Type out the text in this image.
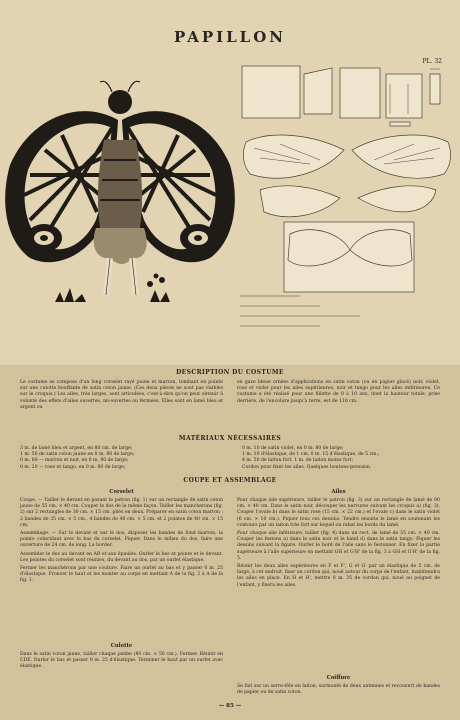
PAPILLON
PL. 32
DESCRIPTION DU COSTUME
Le costume se compose d'un long corselet rayé jaune et marron, tombant en pointe sur une culotte bouffante de satin coton jaune. (Ces deux pièces ne sont pas visibles sur le croquis.) Les ailes, très larges, sont articulées, c'est-à-dire qu'on peut obtenir à volonté des effets d'ailes ouvertes, mi-ouvertes ou fermées. Elles sont en lamé bleu et argent ou
en gaze bleue ornées d'applications en satin coton (ou en papier glacé) noir, violet, rose et violet pour les ailes supérieures, noir et tango pour les ailes inférieures. Ce costume a été réalisé pour une fillette de 8 à 10 ans, dont la hauteur totale, prise derrière, de l'encolure jusqu'à terre, est de 110 cm.
MATÉRIAUX NÉCESSAIRES
3 m. de lamé bleu et argent, en 80 cm. de large;
1 m. 50 de satin coton jaune en 0 m. 80 de large;
0 m. 60 — marron et noir, en 0 m. 80 de large;
0 m. 20 — rose et tango, en 0 m. 80 de large;
0 m. 10 de satin violet, en 0 m. 80 de large;
1 m. 10 d'élastique, de 1 cm. 0 m. 15 d'élastique, de 5 cm.;
4 m. 50 de laiton fort. 1 m. de laiton moins fort;
Cordon pour fixer les ailes. Quelques boutons-pression.
COUPE ET ASSEMBLAGE
Corselet

Coupe. — Tailler le devant en posant le patron (fig. 1) sur un rectangle de satin coton jaune de 55 cm. × 40 cm. Couper le dos de la même façon. Tailler les mancherons (fig. 2) sur 2 rectangles de 30 cm. × 15 cm. pliés en deux. Préparer en satin coton marron : 2 bandes de 35 cm. × 5 cm., 4 bandes de 40 cm. × 5 cm. et 2 pointes de 40 cm. × 15 cm.

Assemblage. — Sur le devant et sur le dos, disposer les bandes de fond marron, la pointe coïncidant avec le bas du corselet. Piquer. Dans le milieu du dos, faire une ouverture de 24 cm. de long. La border.

Assembler le dos au devant en AB et aux épaules. Ourler le bas et pointe et le devant. Les pointes du corselet sont réunies, du devant au dos, par un ourlet élastique.

Fermer les manchérons par une couture. Faire un ourlet au bas et y passer 0 m. 25 d'élastique. Froncer le haut et les monter au corps en mettant A de la fig. 2 à A de la fig. 1.

Culotte
Dans le satin coton jaune, tailler chaque jambe (80 cm. × 50 cm.). Fermer. Réunir en CDE. Ourler le bas et passer 0 m. 25 d'élastique. Terminer le haut par un ourlet avec élastique.
Ailes

Pour chaque aile supérieure, tailler le patron (fig. 3) sur un rectangle de lamé de 90 cm. × 40 cm. Dans le satin noir, découper les nervures suivant les croquis a) (fig. 3). Couper l'ovale b) dans le satin rose (15 cm. × 22 cm.) et l'ovale c) dans le satin violet (6 cm. × 10 cm.). Piquer tous ces dessins. Tendre ensuite le lamé en soutenant les contours par un laiton très fort sur lequel on rabat les bords du lamé.

Pour chaque aile inférieure, tailler (fig. 4) dans un rect. de lamé de 55 cm. × 40 cm. Couper les festons a) dans le satin noir et le band d) dans le satin tango. Piquer les dessins suivant la figure. Ourler le bord de l'aile sans le festonner. En fixer la partie supérieure à l'aile supérieure en mettant GH et G'H' de la fig. 3 à GH et G'H' de la fig. 5.

Réunir les deux ailes supérieures en F et F', G et G' par un élastique de 5 cm. de large, à cet endroit, fixer un cordon qui, noué autour du corps de l'enfant, maintiendra les ailes en place. En H et H', mettre 0 m. 35 de cordon qui, noué au poignet de l'enfant, y fixera les ailes.

Coiffure
Se fait sur un serre-tête en laiton, surmonté de deux antennes et recouvert de bandes de papier ou de satin coton.
— 85 —
